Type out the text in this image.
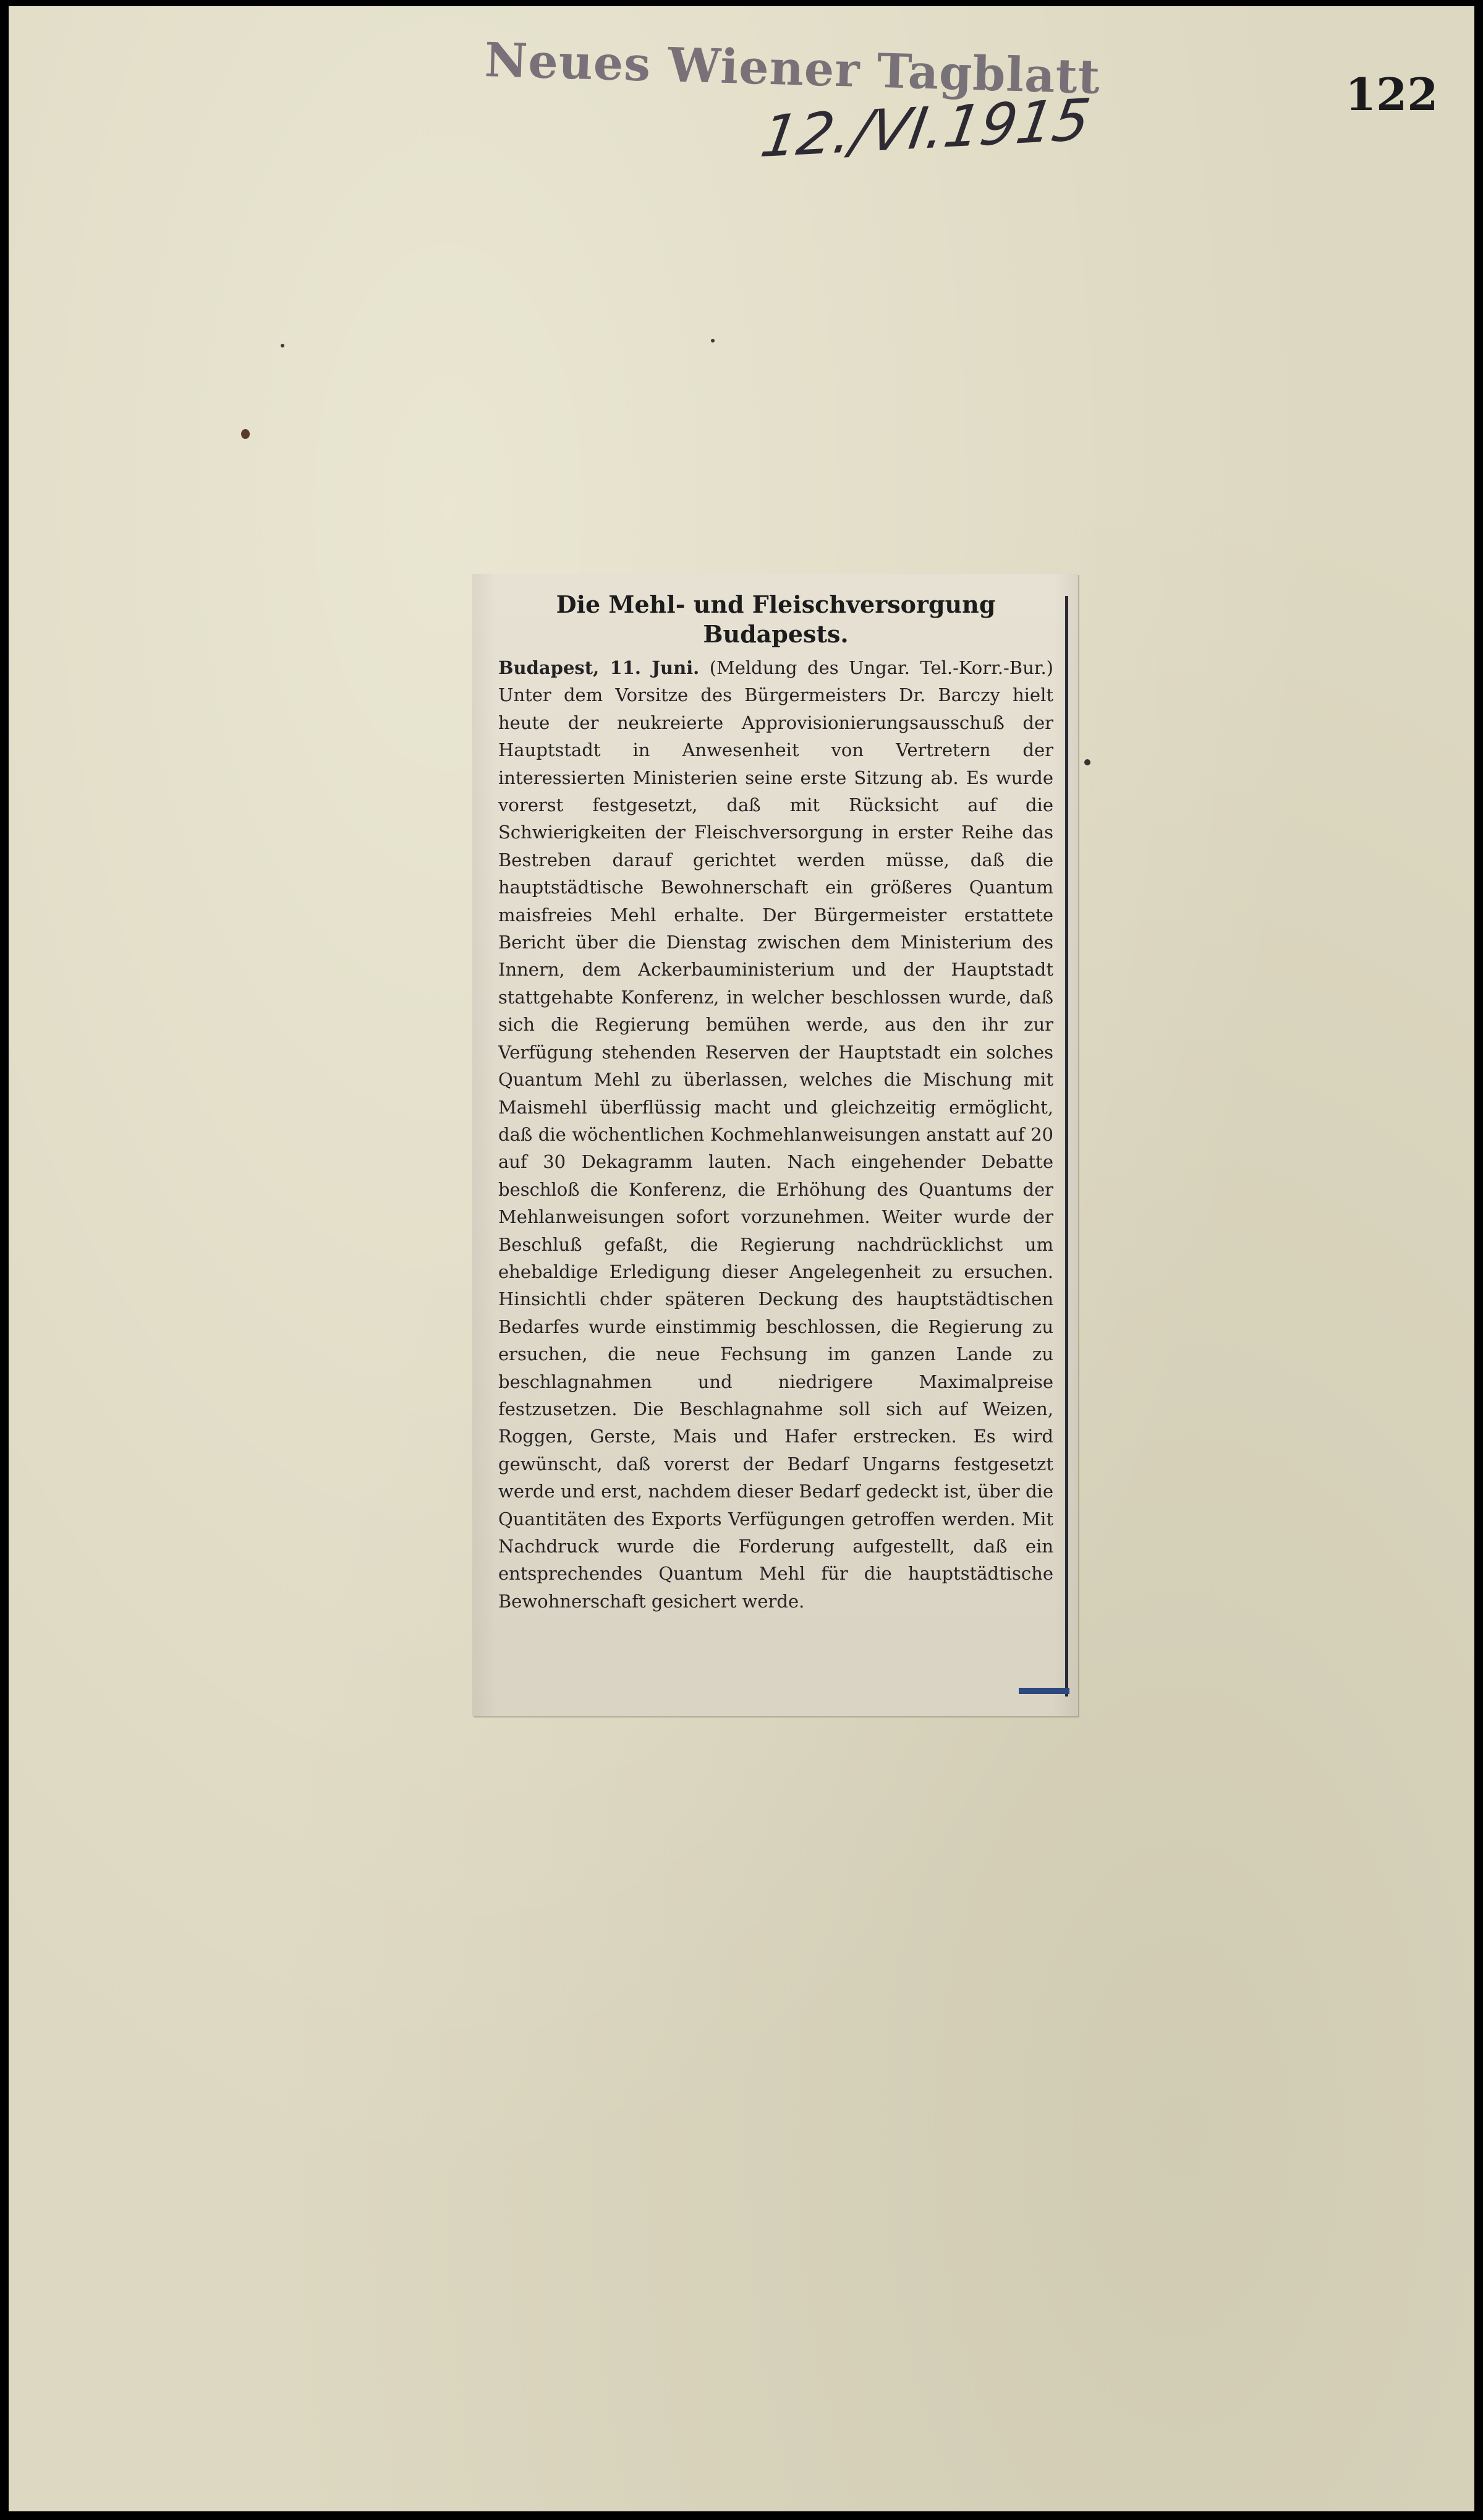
Neues Wiener Tagblatt
12./VI.1915	122
Die Mehl- und Fleischversorgung
Budapests.

Budapest, 11. Juni. (Meldung des Ungar. Tel.-Korr.-Bur.) Unter dem Vorsitze des Bürgermeisters Dr. Barczy hielt heute der neukreierte Approvisionierungsausschuß der Hauptstadt in Anwesenheit von Vertretern der interessierten Ministerien seine erste Sitzung ab. Es wurde vorerst festgesetzt, daß mit Rücksicht auf die Schwierigkeiten der Fleischversorgung in erster Reihe das Bestreben darauf gerichtet werden müsse, daß die hauptstädtische Bewohnerschaft ein größeres Quantum maisfreies Mehl erhalte. Der Bürgermeister erstattete Bericht über die Dienstag zwischen dem Ministerium des Innern, dem Ackerbauministerium und der Hauptstadt stattgehabte Konferenz, in welcher beschlossen wurde, daß sich die Regierung bemühen werde, aus den ihr zur Verfügung stehenden Reserven der Hauptstadt ein solches Quantum Mehl zu überlassen, welches die Mischung mit Maismehl überflüssig macht und gleichzeitig ermöglicht, daß die wöchentlichen Kochmehlanweisungen anstatt auf 20 auf 30 Dekagramm lauten. Nach eingehender Debatte beschloß die Konferenz, die Erhöhung des Quantums der Mehlanweisungen sofort vorzunehmen. Weiter wurde der Beschluß gefaßt, die Regierung nachdrücklichst um ehebaldige Erledigung dieser Angelegenheit zu ersuchen. Hinsichtli chder späteren Deckung des hauptstädtischen Bedarfes wurde einstimmig beschlossen, die Regierung zu ersuchen, die neue Fechsung im ganzen Lande zu beschlagnahmen und niedrigere Maximalpreise festzusetzen. Die Beschlagnahme soll sich auf Weizen, Roggen, Gerste, Mais und Hafer erstrecken. Es wird gewünscht, daß vorerst der Bedarf Ungarns festgesetzt werde und erst, nachdem dieser Bedarf gedeckt ist, über die Quantitäten des Exports Verfügungen getroffen werden. Mit Nachdruck wurde die Forderung aufgestellt, daß ein entsprechendes Quantum Mehl für die hauptstädtische Bewohnerschaft gesichert werde.
